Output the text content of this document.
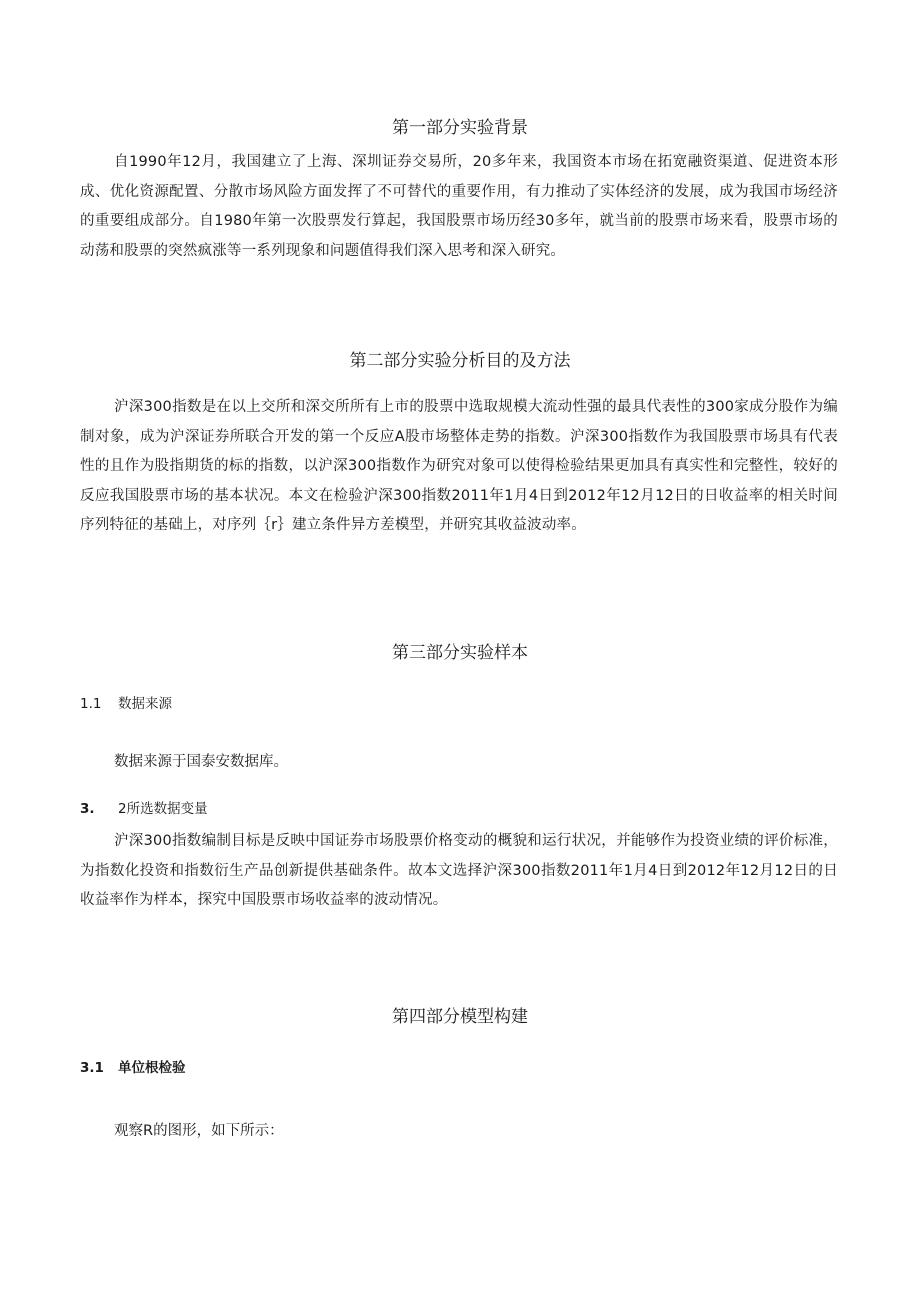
第一部分实验背景

自1990年12月，我国建立了上海、深圳证券交易所，20多年来，我国资本市场在拓宽融资渠道、促进资本形成、优化资源配置、分散市场风险方面发挥了不可替代的重要作用，有力推动了实体经济的发展，成为我国市场经济的重要组成部分。自1980年第一次股票发行算起，我国股票市场历经30多年，就当前的股票市场来看，股票市场的动荡和股票的突然疯涨等一系列现象和问题值得我们深入思考和深入研究。

第二部分实验分析目的及方法

沪深300指数是在以上交所和深交所所有上市的股票中选取规模大流动性强的最具代表性的300家成分股作为编制对象，成为沪深证券所联合开发的第一个反应A股市场整体走势的指数。沪深300指数作为我国股票市场具有代表性的且作为股指期货的标的指数，以沪深300指数作为研究对象可以使得检验结果更加具有真实性和完整性，较好的反应我国股票市场的基本状况。本文在检验沪深300指数2011年1月4日到2012年12月12日的日收益率的相关时间序列特征的基础上，对序列｛r｝建立条件异方差模型，并研究其收益波动率。

第三部分实验样本
1.1 数据来源

数据来源于国泰安数据库。

3. 2所选数据变量

沪深300指数编制目标是反映中国证券市场股票价格变动的概貌和运行状况，并能够作为投资业绩的评价标准，为指数化投资和指数衍生产品创新提供基础条件。故本文选择沪深300指数2011年1月4日到2012年12月12日的日收益率作为样本，探究中国股票市场收益率的波动情况。

第四部分模型构建
3.1 单位根检验

观察R的图形，如下所示：
